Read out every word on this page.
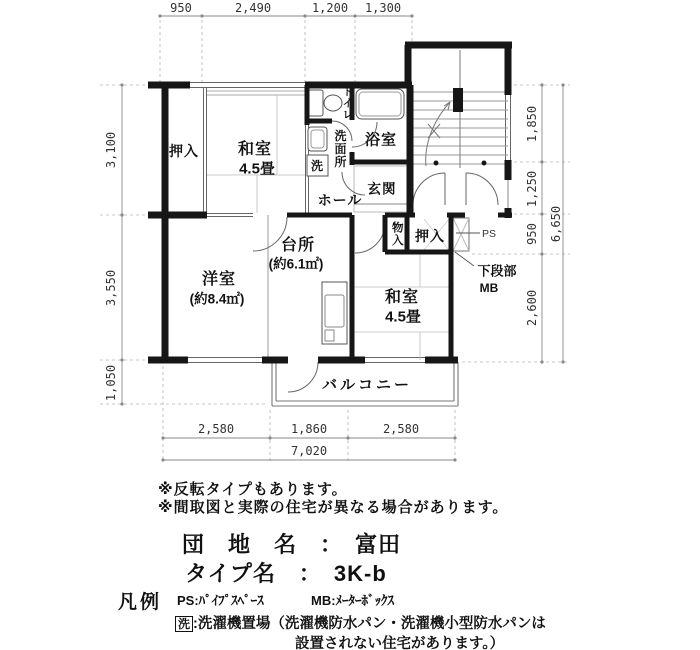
950	2,490	1,200 1,300
3,100
3,550
1,050
1,850
1,250
950
2,600
6,650
2,580	1,860	2,580
7,020
押入 和室
4.5畳
トイレ
洗面所
洗
浴室
玄関
ホール
台所
(約6.1㎡)
洋室
(約8.4㎡)
物入 押入
和室
4.5畳
バルコニー
PS
下段部
MB
※反転タイプもあります。
※間取図と実際の住宅が異なる場合があります。
団　地　名　：　富田
タイプ名　：　3K-b
凡例 PS:ﾊﾟｲﾌﾟｽﾍﾟｰｽ	MB:ﾒｰﾀｰﾎﾞｯｸｽ
洗 :洗濯機置場（洗濯機防水パン・洗濯機小型防水パンは
設置されない住宅があります。）
